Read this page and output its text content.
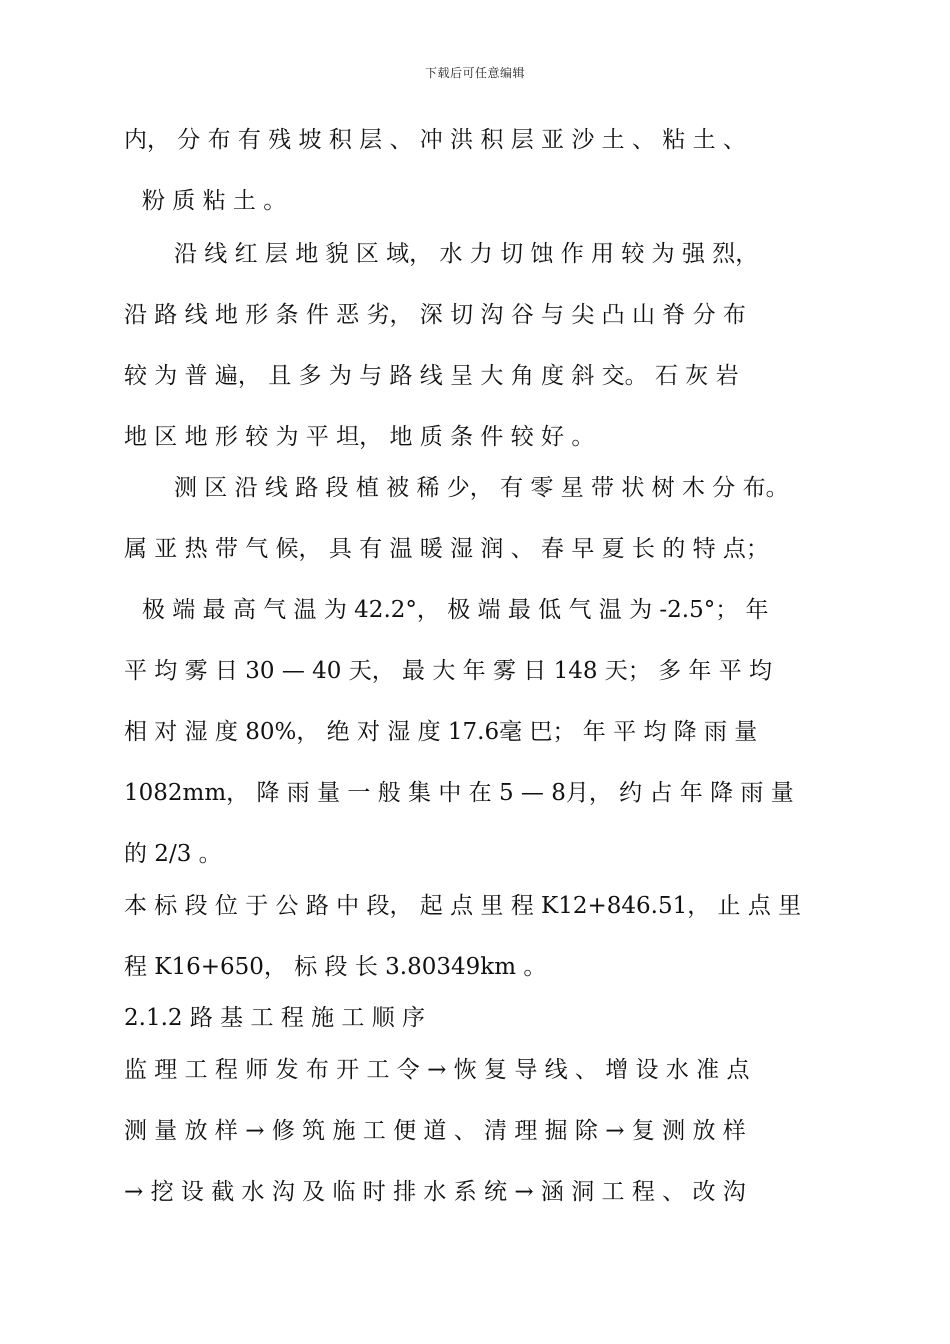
下载后可任意编辑
内， 分 布 有 残 坡 积 层 、 冲 洪 积 层 亚 沙 土 、 粘 土 、
粉 质 粘 土 。
沿 线 红 层 地 貌 区 域， 水 力 切 蚀 作 用 较 为 强 烈，
沿 路 线 地 形 条 件 恶 劣， 深 切 沟 谷 与 尖 凸 山 脊 分 布
较 为 普 遍， 且 多 为 与 路 线 呈 大 角 度 斜 交。 石 灰 岩
地 区 地 形 较 为 平 坦， 地 质 条 件 较 好 。
测 区 沿 线 路 段 植 被 稀 少， 有 零 星 带 状 树 木 分 布。
属 亚 热 带 气 候， 具 有 温 暖 湿 润 、 春 早 夏 长 的 特 点；
极 端 最 高 气 温 为 42.2°， 极 端 最 低 气 温 为 -2.5°； 年
平 均 雾 日 30 — 40 天， 最 大 年 雾 日 148 天； 多 年 平 均
相 对 湿 度 80%， 绝 对 湿 度 17.6毫 巴； 年 平 均 降 雨 量
1082mm， 降 雨 量 一 般 集 中 在 5 — 8月， 约 占 年 降 雨 量
的 2/3 。
本 标 段 位 于 公 路 中 段， 起 点 里 程 K12+846.51， 止 点 里
程 K16+650， 标 段 长 3.80349km 。
2.1.2 路 基 工 程 施 工 顺 序
监 理 工 程 师 发 布 开 工 令 → 恢 复 导 线 、 增 设 水 准 点
测 量 放 样 → 修 筑 施 工 便 道 、 清 理 掘 除 → 复 测 放 样
→ 挖 设 截 水 沟 及 临 时 排 水 系 统 → 涵 洞 工 程 、 改 沟
